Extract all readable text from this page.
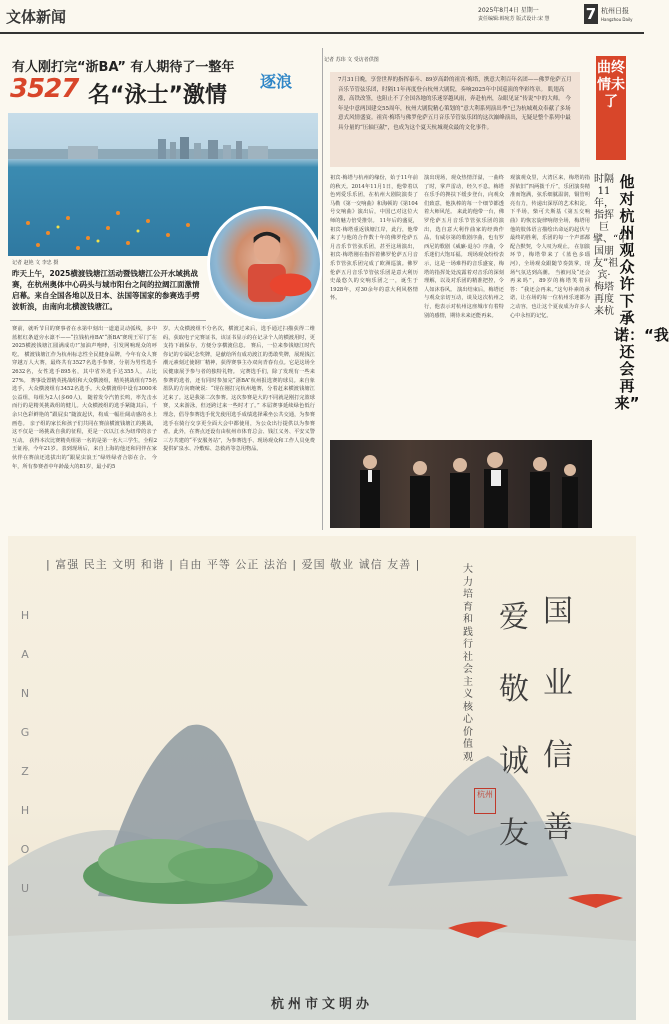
文体新闻	2025年8月4日 星期一
责任编辑:韩宛芳 版式设计:宋 慧 7 杭州日报
Hangzhou Daily
有人刚打完“浙BA” 有人期待了一整年
3527 名“泳士”激情
逐浪
记者 赵艳 文 李忠 摄
昨天上午，2025横渡钱塘江活动暨钱塘江公开水域挑战赛，在杭州奥体中心码头与城市阳台之间的拉阔江面激情启幕。来自全国各地以及日本、法国等国家的参赛选手劈波斩浪，由南向北横渡钱塘江。
赛前，就听节目的赛事者在水第中刻出一道道灵动弧线，多中蓝框红条道旁水凛不——“拉钱杭州BA”“浙BA”赛现王军门“在2025横渡钱塘江圆满成功!”加油声咆哮，引发网响现众的呼吃。 横渡钱塘江作为杭州标志性全民健身品牌，今年有众人赛穿越万人大赛，最终共有3527名选手参赛，分别为男性选手2632名，女性选手895名，其中省外选手达355人，占比27%。 赛事设置精英挑战组和大众横渡组，精英挑战组有75名选手，大众横渡组有3452名选手。大众横渡组中设有3000米公益组，每组为2人(多60人)。 随着发令汽笛长鸣，率先击水而行的是精英挑战组的健儿。大众横渡组的选手紧随其后，千余只色彩鲜艳的“跟屁虫”随波起伏，构成一幅壮阔动感的水上画卷。 亲子组的家长和孩子们共同在赛前横渡钱塘江的挑战，这不仅是一场挑战自我的征程，更是一次以江水为纽带的亲子互动。 获得本次比赛精英组第一名的是第一名大三学生，全程2王钲裕，今年21岁。表到现场后，来自上海的他还和同伴在家伙伴在赛前还选拔出的“跟屁虫浪王”绿姓绿者合影在合。 今年，所有参赛者中年龄最大的81岁，最小的5
岁。大众横渡组不分名次，横渡过来后，选手通过扫描获得二维码，获取电子完赛证书。该证书显示的在记录个人的横渡用时，更支持下载保存，方便分享横渡信息。 赛后，一位来参钱塘江时代你记的专属纪念奖牌，是献给所有成功渡江的勇敢奖牌，展现钱江潮元素刻过使钢厂精神，获得赛事主办双向青春有点。它是这场全民健康展予参与者的独特礼物。 完赛选手们，除了发现有一些来参赛的选者，还有同时参加完“浙BA”杭州报选赛的球员。来自象墨队的方向晓统说：“现在刚打完杭州地赛，分着赶来横渡钱塘江过来了。这是我第二次参赛。这次参赛是大的不同就是刚打完篮球赛，又来游泳，但还跨过来一些时才了。” 本届赛事延续绿色低行理念，倡导参赛选手优先使用选手成绩选择乘坐公共交通，为参赛选手在骑行交享更全面大会中都使用，为公众出行提供以为参赛者。此外，在赛点还设有由杭州市体育总会、钱江义务、平安义警三方共建的“平安服务站”，为参赛选手、现场观众和工作人员免费提供矿泉水、冷敷贴、急救药等急用物品。
记者 苏玮 文 受访者供图
7月31日晚，享誉世界的指挥泰斗、89岁高龄的祖宾·梅塔，携意大利百年名团——佛罗伦萨五月音乐节管弦乐团，时隔11年再度登台杭州大剧院，奏响2025年中国巡演的华彩终章。 肌翅高涨，高铁改签，也阻止不了全国各地的乐迷穿越风雨，奔赴杭州，杂眼见证“传说”中的大师。 今年是中意两国建交55周年，杭州大剧院精心策划的“意大利系列演出季”已为杭城观众奉献了多场意式风情盛宴。祖宾·梅塔与佛罗伦萨五月音乐节管弦乐团的这次巅峰演出，无疑是整个系列中最具分量的“压轴巨献”，也成为这个夏天杭城观众最的文化事件。
祖宾·梅塔与杭州的缘份，始于11年前的秋天。2014年11月1日，他带着以色列爱乐乐团，在杭州大剧院演奏了马勒《第一交响曲》和海顿的《第104号交响曲》演出后，中国已对这位大师的魅力倍受推崇。 11年后的盛夏，祖宾·梅塔重返钱塘江岸，此行，他带来了与他的合作数十年的佛罗伦萨五月音乐节管弦乐团，甚至这场演出，祖宾·梅塔刚在指挥着佛罗伦萨五月音乐节管弦乐团完成了欧洲巡演。佛罗伦萨五月音乐节管弦乐团是意大利历史最悠久的交响乐团之一，诞生于1928年，对30余年的意大利风格情怀。
演出现场，观众热情洋溢，一曲终了时，掌声雷动，经久不息。梅塔在乐手的搀扶下缓步登台，向观众们致意，他执棒的每一个细节都透着大师风范。 来此的他带一台，佛罗伦萨五月音乐节管弦乐团的演出，选自意大利作曲家的经典作品，有威尔第的歌剧序曲，也有罗西尼的歌剧《威廉·退尔》序曲，令乐迷们大饱耳福。 现场观众纷纷表示，这是一场难得的音乐盛宴，梅塔的指挥处处流露着对音乐的深刻理解，以及对乐团的精准把控，令人如沐春风。 演出结束后，梅塔还与观众亲切互动，谈及这次杭州之行，他表示对杭州这座城市有着特别的感情，期待未来还能再来。
观演观众里，大湾区来，梅塔的指挥依旧“四两拨千斤”，乐团演奏精准而饱满，弦乐细腻温润，铜管明亮有力，传递出深厚的艺术积淀。 下半场，柴可夫斯基《第五交响曲》的恢宏旋律响彻全场，梅塔用他的肢体语言描绘出命运的起伏与最终的胜利，乐团的每一个声部都配合默契，令人叹为观止。 在加演环节，梅塔带来了《蓝色多瑙河》，全场观众跟随节奏鼓掌，现场气氛达到高潮。 当被问及“还会再来吗”，89岁的梅塔笑着回答：“我还会再来。”这句朴素的承诺，让在场的每一位杭州乐迷都为之动容，也让这个夏夜成为许多人心中永恒的记忆。
曲终情未了
时隔11年，指挥巨擘、“中国朋友”祖宾·梅塔再度来杭
他对杭州观众许下承诺：“我还会再来”
| 富强 民主 文明 和谐 | 自由 平等 公正 法治 | 爱国 敬业 诚信 友善 |
HANGZHOU
国业信善
爱敬诚友
大力培育和践行社会主义核心价值观
杭州
杭州市文明办
